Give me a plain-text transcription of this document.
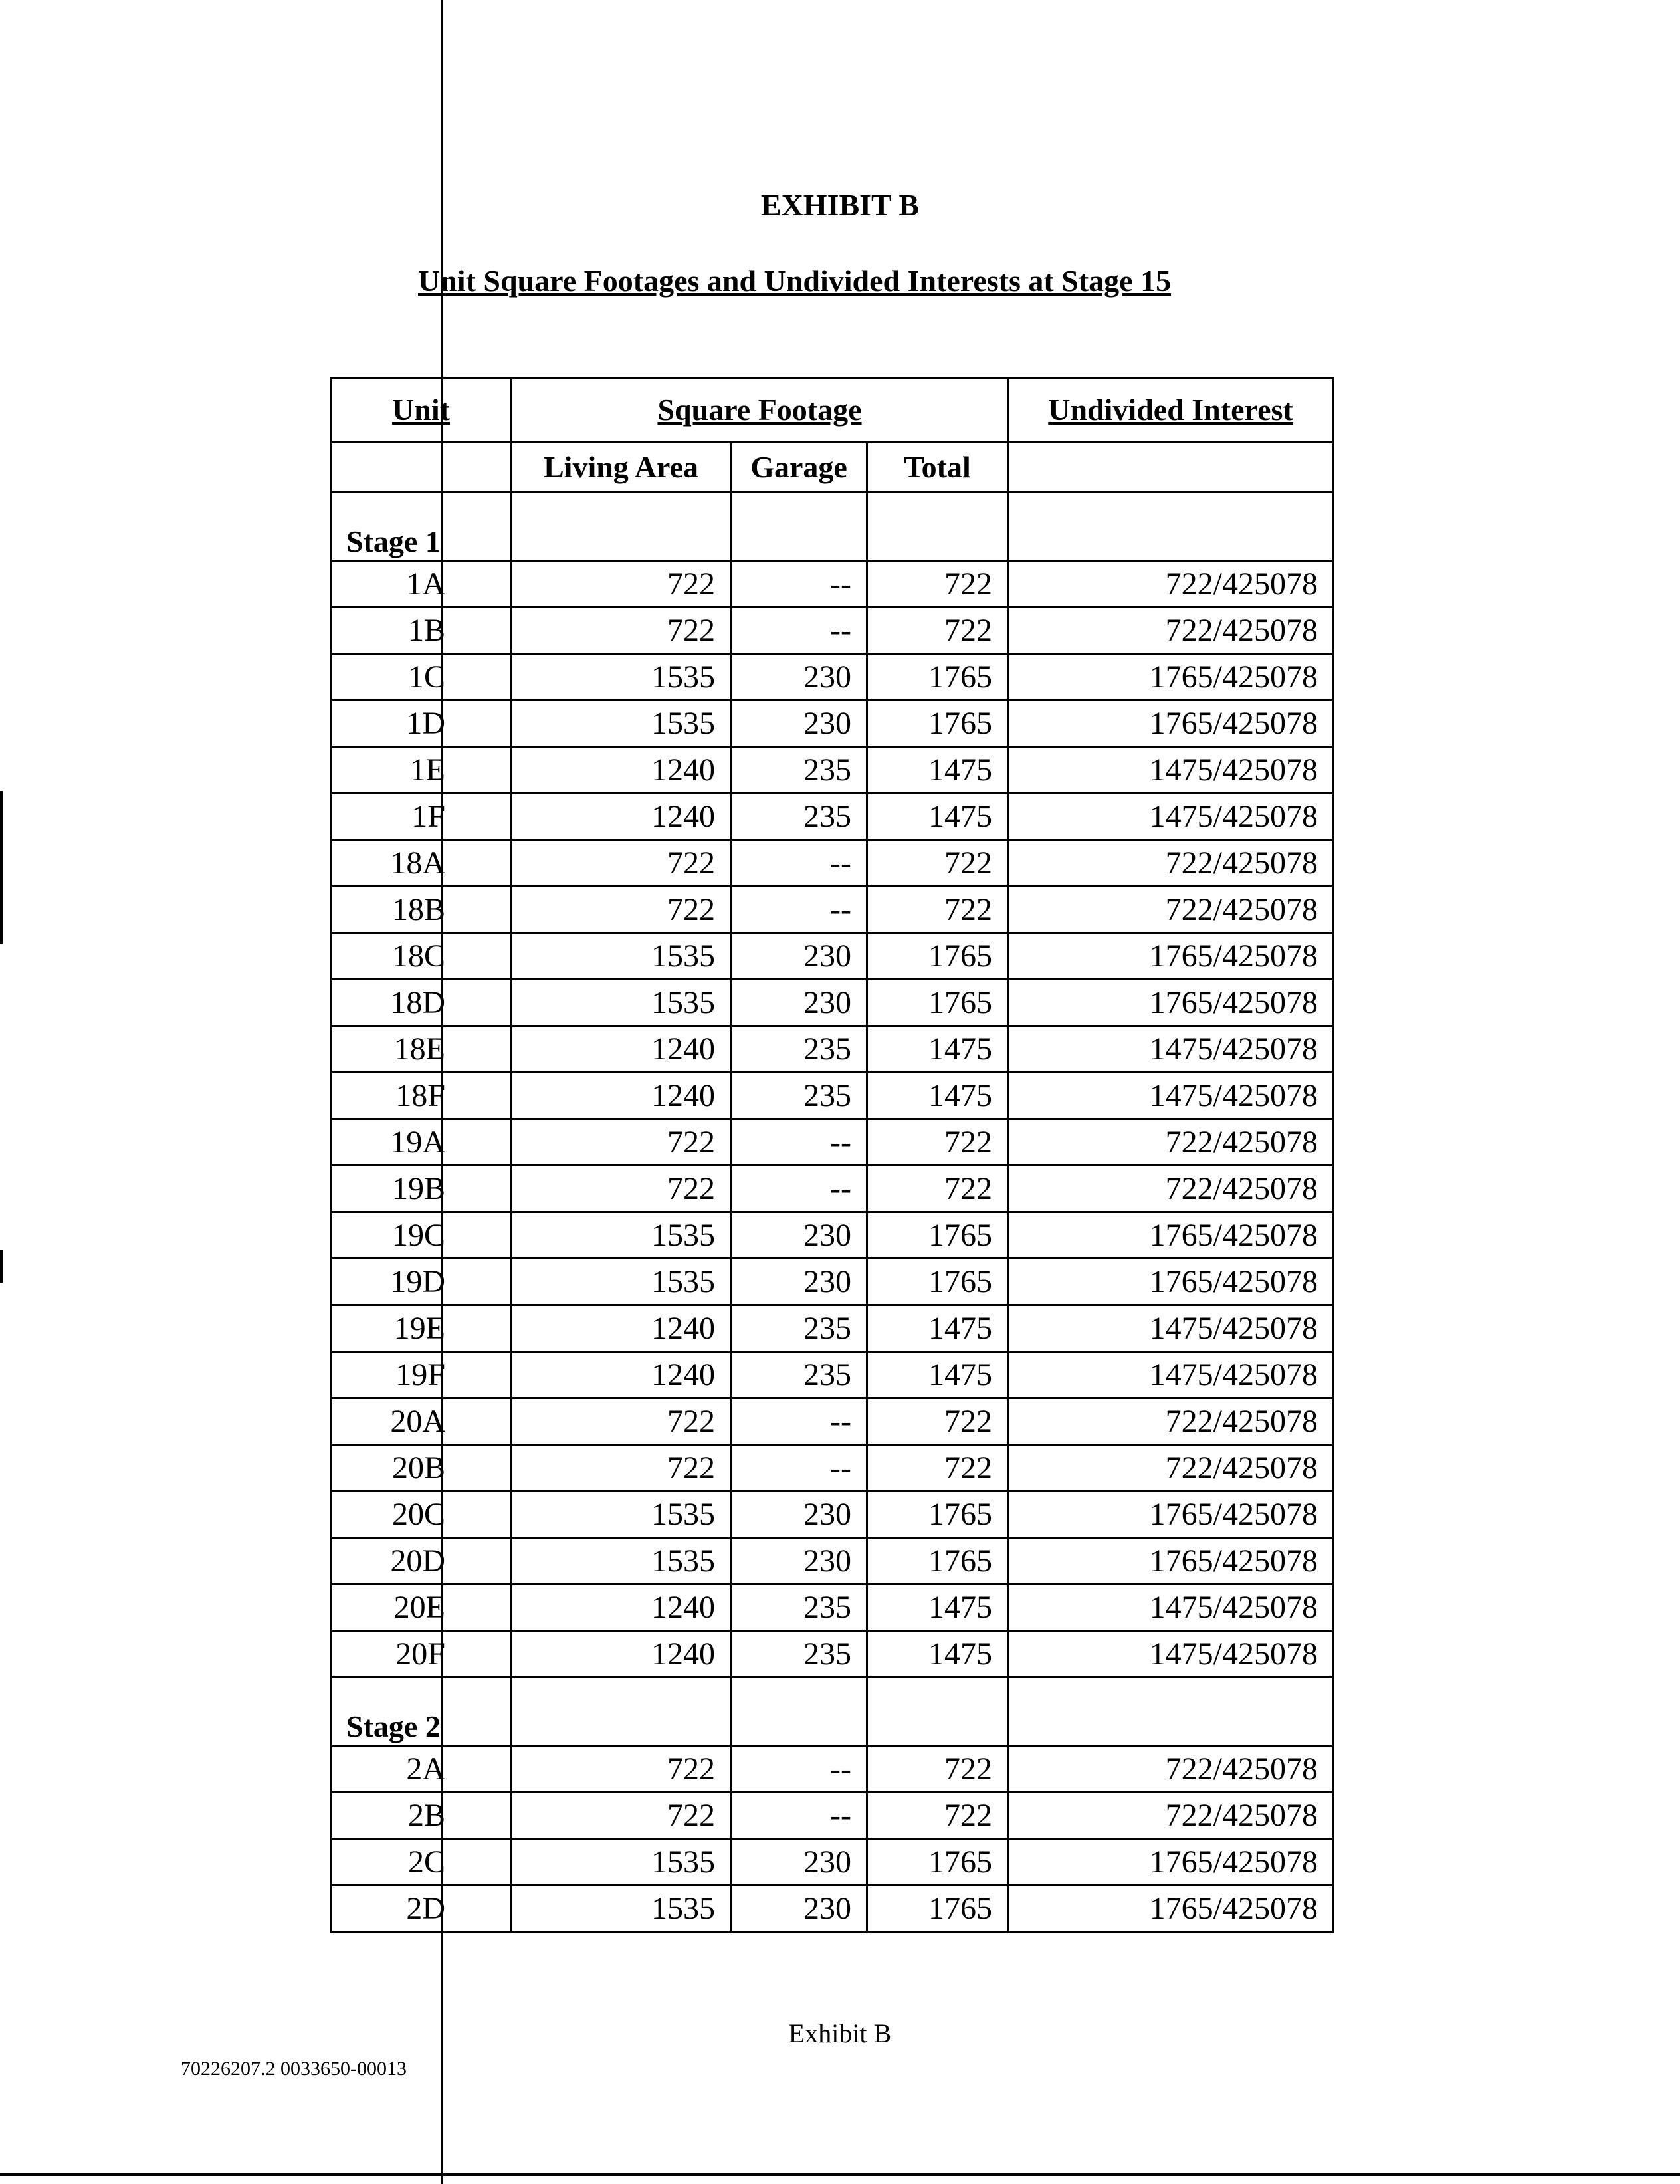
EXHIBIT B
Unit Square Footages and Undivided Interests at Stage 15
Unit	Square Footage			Undivided Interest
	Living Area	Garage	Total	
Stage 1				
1A	722	--	722	722/425078
1B	722	--	722	722/425078
1C	1535	230	1765	1765/425078
1D	1535	230	1765	1765/425078
1E	1240	235	1475	1475/425078
1F	1240	235	1475	1475/425078
18A	722	--	722	722/425078
18B	722	--	722	722/425078
18C	1535	230	1765	1765/425078
18D	1535	230	1765	1765/425078
18E	1240	235	1475	1475/425078
18F	1240	235	1475	1475/425078
19A	722	--	722	722/425078
19B	722	--	722	722/425078
19C	1535	230	1765	1765/425078
19D	1535	230	1765	1765/425078
19E	1240	235	1475	1475/425078
19F	1240	235	1475	1475/425078
20A	722	--	722	722/425078
20B	722	--	722	722/425078
20C	1535	230	1765	1765/425078
20D	1535	230	1765	1765/425078
20E	1240	235	1475	1475/425078
20F	1240	235	1475	1475/425078
Stage 2				
2A	722	--	722	722/425078
2B	722	--	722	722/425078
2C	1535	230	1765	1765/425078
2D	1535	230	1765	1765/425078
Exhibit B
70226207.2 0033650-00013
